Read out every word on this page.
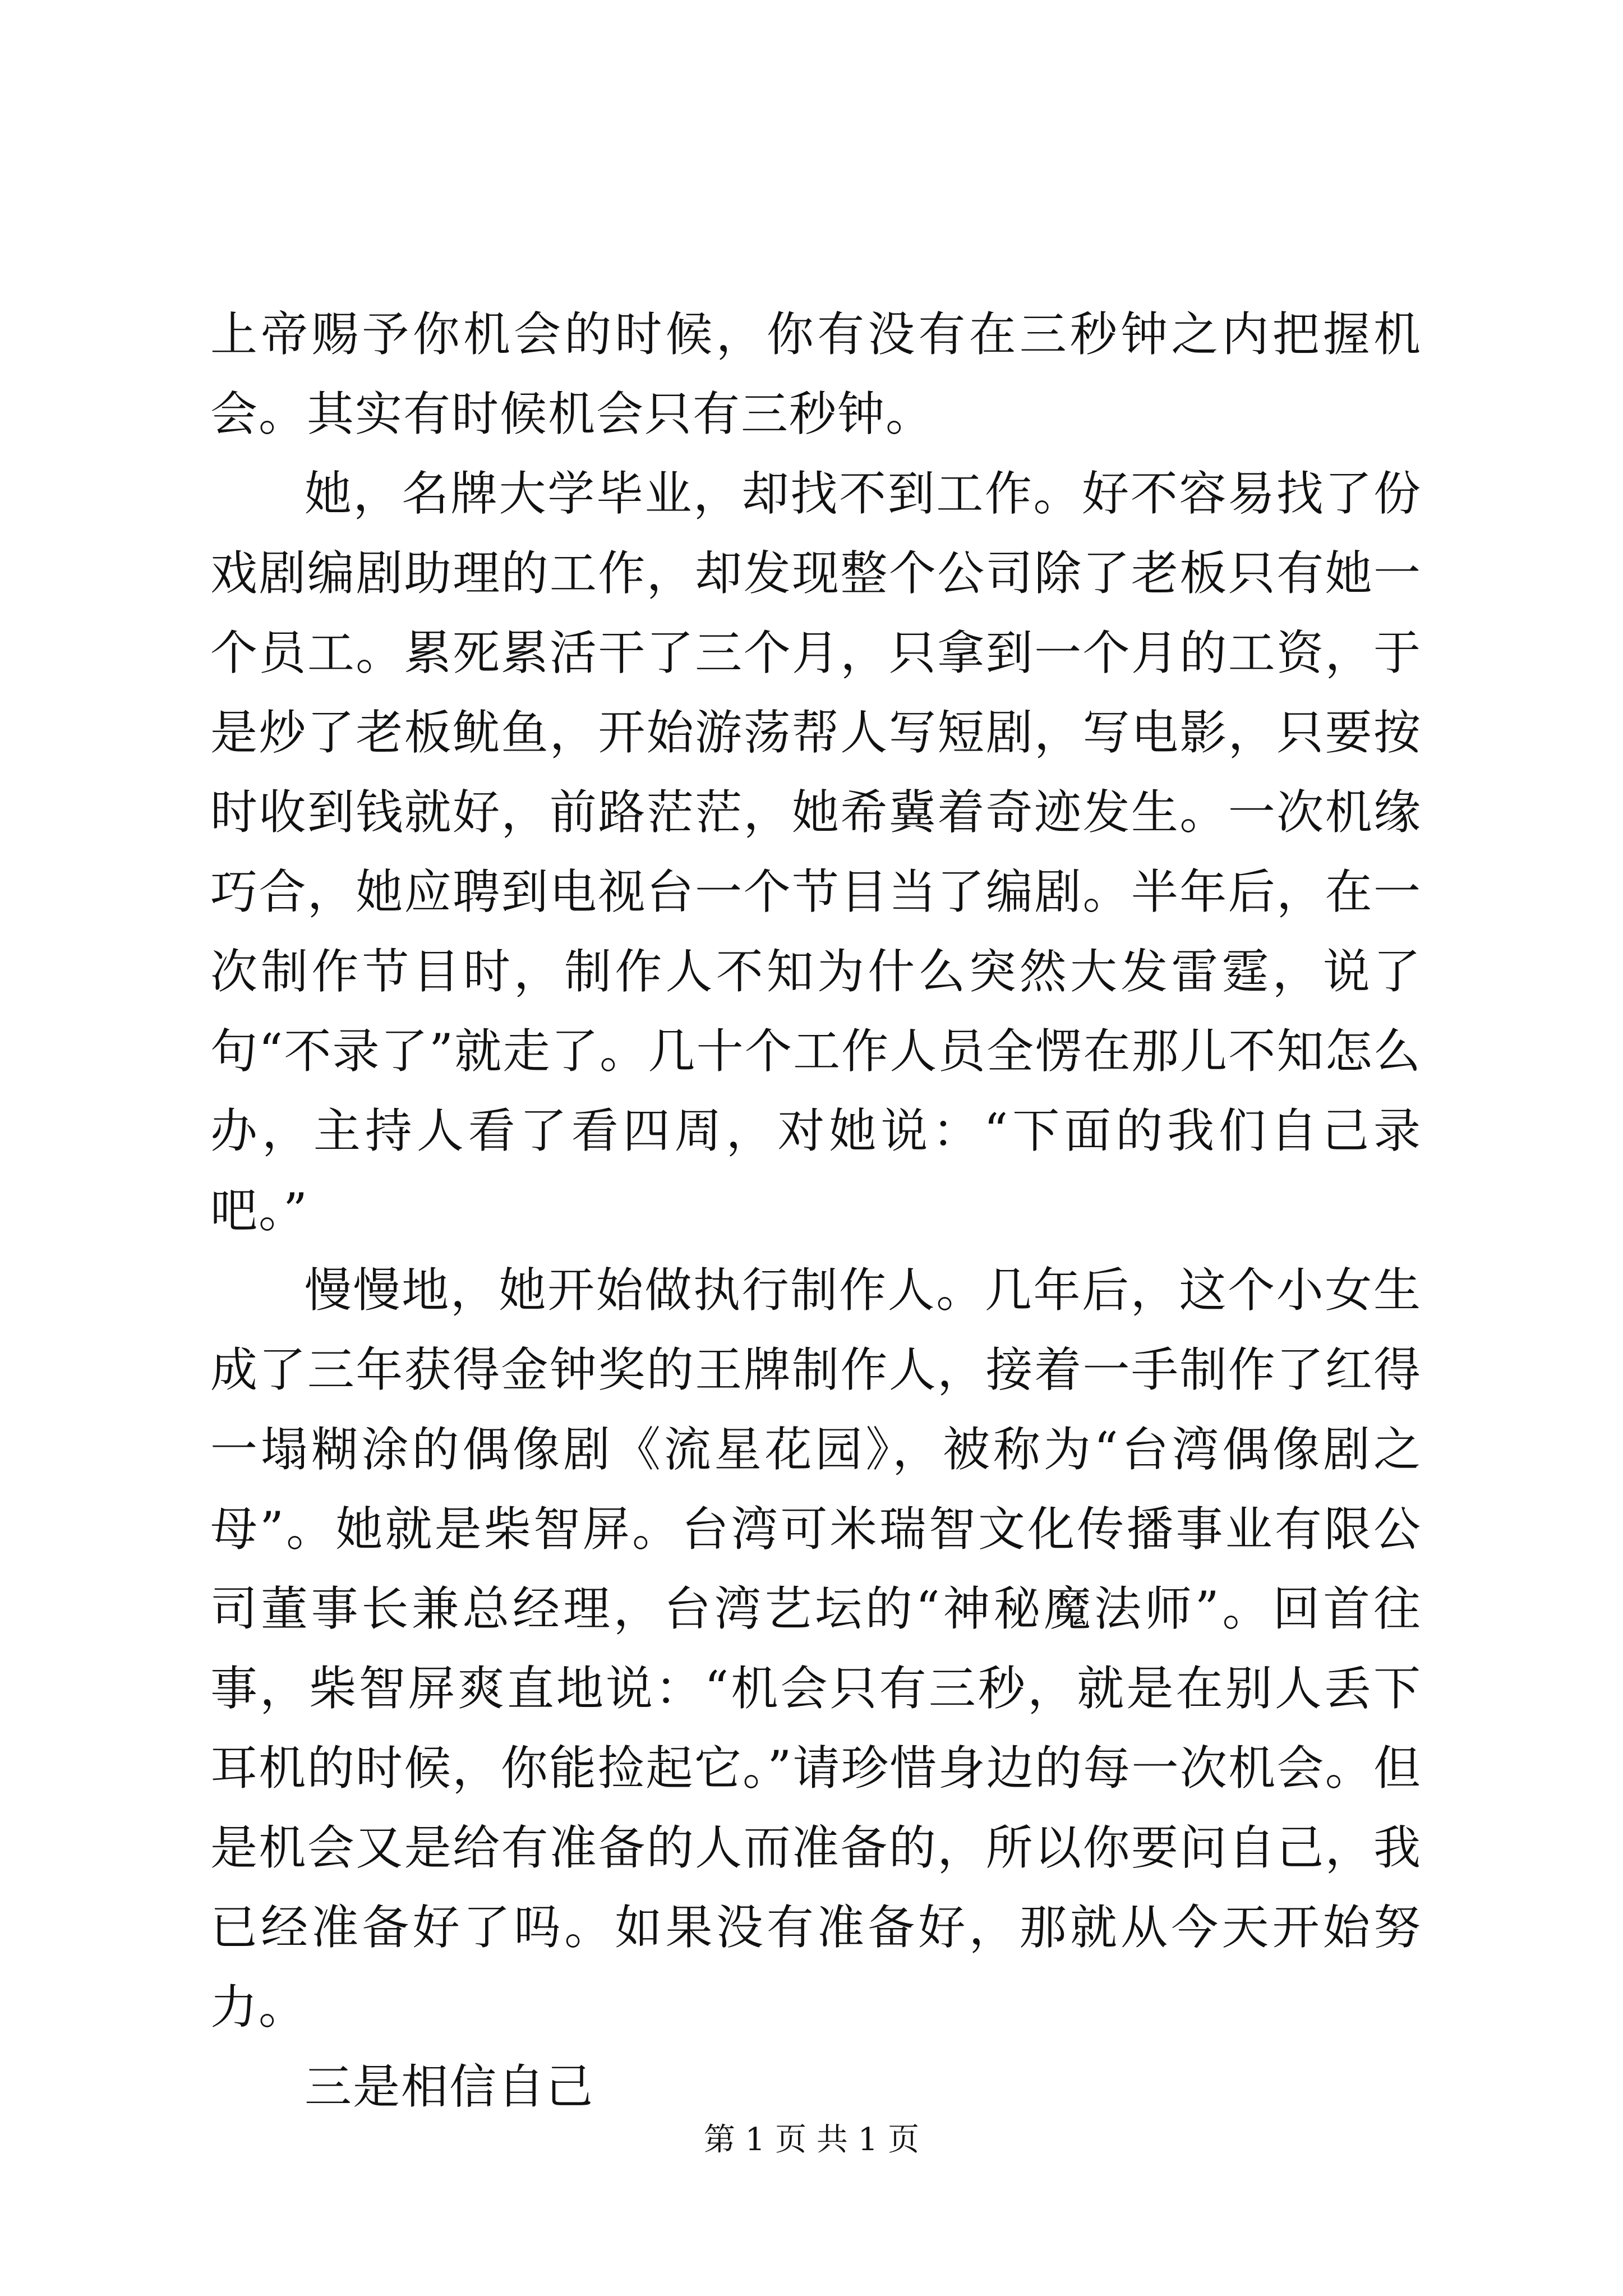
上帝赐予你机会的时候，你有没有在三秒钟之内把握机会。其实有时候机会只有三秒钟。

她，名牌大学毕业，却找不到工作。好不容易找了份戏剧编剧助理的工作，却发现整个公司除了老板只有她一个员工。累死累活干了三个月，只拿到一个月的工资，于是炒了老板鱿鱼，开始游荡帮人写短剧，写电影，只要按时收到钱就好，前路茫茫，她希冀着奇迹发生。一次机缘巧合，她应聘到电视台一个节目当了编剧。半年后，在一次制作节目时，制作人不知为什么突然大发雷霆，说了句“不录了”就走了。几十个工作人员全愣在那儿不知怎么办，主持人看了看四周，对她说：“下面的我们自己录吧。”

慢慢地，她开始做执行制作人。几年后，这个小女生成了三年获得金钟奖的王牌制作人，接着一手制作了红得一塌糊涂的偶像剧《流星花园》，被称为“台湾偶像剧之母”。她就是柴智屏。台湾可米瑞智文化传播事业有限公司董事长兼总经理，台湾艺坛的“神秘魔法师”。回首往事，柴智屏爽直地说：“机会只有三秒，就是在别人丢下耳机的时候，你能捡起它。”请珍惜身边的每一次机会。但是机会又是给有准备的人而准备的，所以你要问自己，我已经准备好了吗。如果没有准备好，那就从今天开始努力。

三是相信自己

第 1 页 共 1 页
